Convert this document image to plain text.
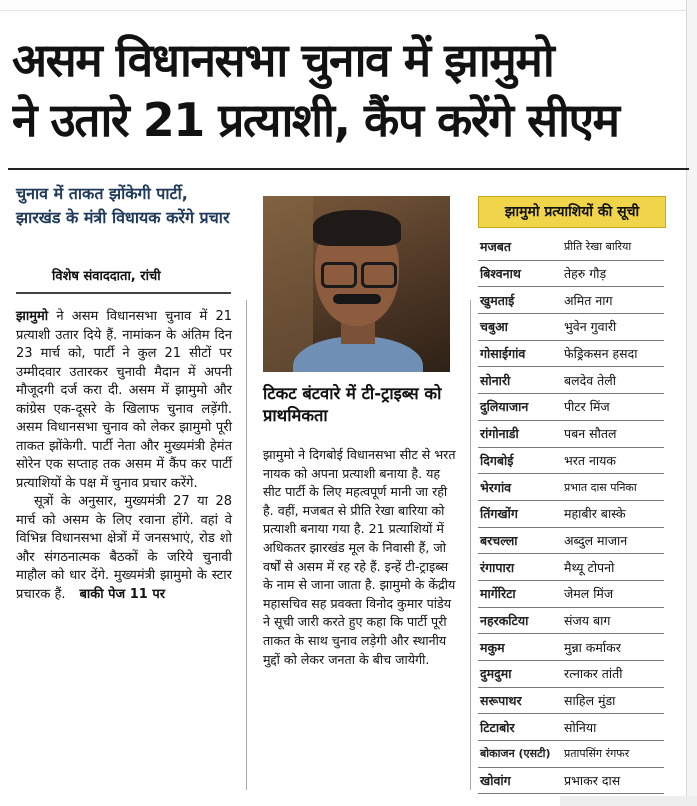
असम विधानसभा चुनाव में झामुमो
ने उतारे 21 प्रत्याशी, कैंप करेंगे सीएम
चुनाव में ताकत झोंकेगी पार्टी, झारखंड के मंत्री विधायक करेंगे प्रचार
विशेष संवाददाता, रांची

झामुमो ने असम विधानसभा चुनाव में 21 प्रत्याशी उतार दिये हैं. नामांकन के अंतिम दिन 23 मार्च को, पार्टी ने कुल 21 सीटों पर उम्मीदवार उतारकर चुनावी मैदान में अपनी मौजूदगी दर्ज करा दी. असम में झामुमो और कांग्रेस एक-दूसरे के खिलाफ चुनाव लड़ेंगी. असम विधानसभा चुनाव को लेकर झामुमो पूरी ताकत झोंकेगी. पार्टी नेता और मुख्यमंत्री हेमंत सोरेन एक सप्ताह तक असम में कैंप कर पार्टी प्रत्याशियों के पक्ष में चुनाव प्रचार करेंगे.

सूत्रों के अनुसार, मुख्यमंत्री 27 या 28 मार्च को असम के लिए रवाना होंगे. वहां वे विभिन्न विधानसभा क्षेत्रों में जनसभाएं, रोड शो और संगठनात्मक बैठकों के जरिये चुनावी माहौल को धार देंगे. मुख्यमंत्री झामुमो के स्टार प्रचारक हैं. बाकी पेज 11 पर

टिकट बंटवारे में टी-ट्राइब्स को प्राथमिकता

झामुमो ने दिगबोई विधानसभा सीट से भरत नायक को अपना प्रत्याशी बनाया है. यह सीट पार्टी के लिए महत्वपूर्ण मानी जा रही है. वहीं, मजबत से प्रीति रेखा बारिया को प्रत्याशी बनाया गया है. 21 प्रत्याशियों में अधिकतर झारखंड मूल के निवासी हैं, जो वर्षों से असम में रह रहे हैं. इन्हें टी-ट्राइब्स के नाम से जाना जाता है. झामुमो के केंद्रीय महासचिव सह प्रवक्ता विनोद कुमार पांडेय ने सूची जारी करते हुए कहा कि पार्टी पूरी ताकत के साथ चुनाव लड़ेगी और स्थानीय मुद्दों को लेकर जनता के बीच जायेगी.

झामुमो प्रत्याशियों की सूची
मजबत	प्रीति रेखा बारिया
बिश्वनाथ	तेहरु गौड़
खुमताई	अमित नाग
चबुआ	भुवेन गुवारी
गोसाईगांव	फेड्रिकसन हसदा
सोनारी	बलदेव तेली
दुलियाजान	पीटर मिंज
रांगोनाडी	पबन सौतल
दिगबोई	भरत नायक
भेरगांव	प्रभात दास पनिका
तिंगखोंग	महाबीर बास्के
बरचल्ला	अब्दुल माजान
रंगापारा	मैथ्यू टोपनो
मार्गेरिटा	जेमल मिंज
नहरकटिया	संजय बाग
मकुम	मुन्ना कर्माकर
दुमदुमा	रत्नाकर तांती
सरूपाथर	साहिल मुंडा
टिटाबोर	सोनिया
बोकाजन (एसटी)	प्रतापसिंग रंगफर
खोवांग	प्रभाकर दास
